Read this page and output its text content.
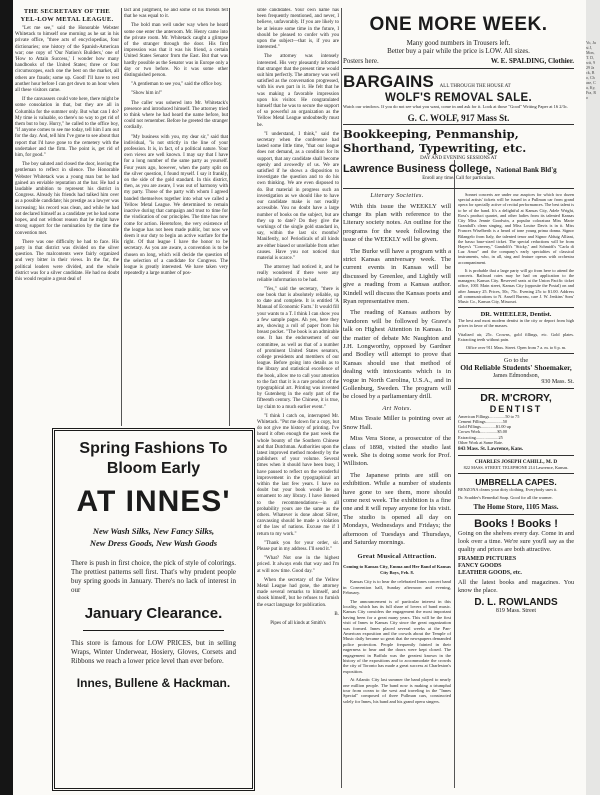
Vo, Just J, Mon, T. D, wit, 929 Jack, Bo, Chase, Ca, Ky, Fra, Ro
THE SECRETARY OF THE YEL-LOW METAL LEAGUE.

"Let me see," said the Honorable Webster Whitetack to himself one morning as he sat in his private office, "three acts of encyclopedias, four dictionaries; one history of the Spanish-American war; one copy of 'Our Nation's Builders,' one of 'How to Attain Success,' I wonder how many handbooks of the United States; three or four circumscopes, each one the best on the market, all others are frauds; some up. Good! I'll have to rest another hour before I can get down to an hour when all these visitors came.

If the canvassers could vote here, there might be some consolation in that, but they are all in Columbia for the summer only. But what can I do? My time is valuable, so there's no way to get rid of them but to buy. Hurry," he called to the office boy, "if anyone comes to see me today, tell him I am out for the day. And, tell him I've gone to see about that report that I'd have gone to the cemetery with the undertaker and the firm. The point is, get rid of him, for good."

The boy saluted and closed the door, leaving the gentleman to reflect in silence. The Honorable Webster Whitetack was a young man but he had gained an enviable reputation at the bar. He had a laudable ambition to represent his district in Congress. Already his friends had talked him over as a possible candidate; his prestige as a lawyer was increasing; his record was clean, and while he had not declared himself as a candidate yet he had some hopes, and not without reason that he might have strong support for the nomination by the time the convention met.

There was one difficulty he had to face. His party in that district was divided on the silver question. The malcontents were fairly organized and very bitter in their views. In the far, the political leaders were divided, and the whole district was for a silver candidate. He had no doubt this would require a great deal of

tact and judgment, he and some of his friends felt that he was equal to it.

The bold man well under way when he heard some one enter the anteroom. Mr. Henry came into the private room. Mr. Whitetack caught a glimpse of the stranger through the door. His first impression was that it was his friend, a certain United States Senator from the East. But that was hardly possible as the Senator was in Europe only a day or two before. No it was some other distinguished person.

"A gentleman to see you," said the office boy.

"Show him in!"

The caller was ushered into Mr. Whitetack's presence and introduced himself. The attorney tried to think where he had heard the name before, but could not remember. Before he greeted the stranger cordially.

"My business with you, my dear sir," said that individual, "is not strictly in the line of your profession. It is, in fact, of a political nature. Your own views are well known. I may say that I have for a long number of the same party as yourself. Four years ago, however, when the party split on the silver question, I found myself. I say it frankly, on the side of the gold standard. In this district, then, as you are aware, I was out of harmony with my party. Those of the party with whom I agreed banded themselves together into what we called a Yellow Metal League. We determined to remain inactive during that campaign and trust to time for the vindication of our principles. The time has now come for action. Heretofore, the very existence of the league has not been made public, but now we deem it our duty to begin an active warfare for the right. Of that league I have the honor to be secretary. As you are aware, a convention is to be chosen on long, which will decide the question of the selection of a candidate for Congress. The league is greatly interested. We have taken very repeatedly a large number of pos-

sible candidates. Your own name has been frequently mentioned, and never, I believe, unfavorably. If you are likely to be at leisure some time in the future, I should be pleased to confer with you upon the subject—that is, if you are interested."

The attorney was intensely interested. His very pleasantly informed that stranger that the present time would suit him perfectly. The attorney was well satisfied as the conversation progressed, with his own part in it. He felt that he was making a favorable impression upon his visitor. He congratulated himself that he was to secure the support of so powerful an organization as the Yellow Metal League undoubtedly must be.

"I understand, I think," said the secretary when the conference had lasted some little time, "that our league does not demand, as a condition for its support, that any candidate shall become openly and avowedly of us. We are satisfied if he shows a disposition to investigate the question and to do his own thinking. We are even disposed to do. But material in progress such an investigation as we should like to have our candidate make is not readily accessible. You no doubt have a large number of books on the subject, but are they up to date? Do they give the workings of the single gold standard in, say, within the last six months? Manifestly, no! Periodicals of all kinds are either biased or unreliable from other causes. Have you not noticed that material is scarce."

The attorney had noticed it, and he really wondered if there were any reliable information to be had.

"Yes," said the secretary, "there is one book that is absolutely reliable, up to date and complete. It is entitled 'A Manual of Economic Facts.' It would fill your wants to a T. I think I can show you a few sample pages. Ah yes, here they are, showing a roll of paper from his breast pocket. "The book is an admirable one. It has the endorsement of our committee, as well as that of a number of prominent United States senators, college presidents and members of our league. Before going into details as to the library and statistical excellence of the book, allow me to call your attention to the fact that it is a rare product of the typographical art. Printing was invented by Gutenberg in the early part of the fifteenth century. The Chinese, it is true, lay claim to a much earlier event."

"I think I catch on, interrupted Mr. Whitetack. "Put me down for a copy, but do not give me history of printing. I've heard it often enough the past week the whole bounty of the Southern Chinese and that Dutchman. Authorities upon the latest improved method modestly by the publishers of your volume. Several times when it should have been busy, I have paused to reflect on the wonderful improvement in the typographical art within the last few years. I have no doubt but your book would be an ornament to any library. I have listened to the recommendations—in all probability yours are the same as the others. Whatever is done about Silver, canvassing should be made a violation of the law of nations. Excuse me if I return to my work."

"Thank you for your order, sir. Please put in my address. I'll send it."

"What? Not one in the highest priced. It always ends that way and I'm at will now time. Good day."

When the secretary of the Yellow Metal League had gone, the attorney made several remarks to himself, and shook himself, but he refuses to furnish the exact language for publication.

B.
Pipes of all kinds at Smith's
Spring Fashions To Bloom Early
AT INNES'
New Wash Silks, New Fancy Silks,
New Dress Goods, New Wash Goods
There is push in first choice, the pick of style of colorings. The prettiest patterns sell first. That's why prudent people buy spring goods in January. There's no lack of interest in our
January Clearance.
This store is famous for LOW PRICES, but in selling Wraps, Winter Underwear, Hosiery, Gloves, Corsets and Ribbons we reach a lower price level than ever before.
Innes, Bullene & Hackman.
ONE MORE WEEK.
Many good numbers in Trousers left.
Better buy a pair while the price is LOW. All sizes.
Posters here.	W. E. SPALDING, Clothier.
BARGAINS ALL THROUGH THE HOUSE AT
WOLF'S REMOVAL SALE.
Watch our windows. If you do not see what you want, come in and ask for it. Look at those "Good" Writing Paper at 16 2/3c.
G. C. WOLF, 917 Mass St.
Bookkeeping, Penmanship, Shorthand, Typewriting, etc.
DAY AND EVENING SESSIONS AT
Lawrence Business College, National Bank Bld'g
Enroll any time. Call for particulars.
Literary Societies.

With this issue the WEEKLY will change its plan with reference to the Literary society notes. An outline for the programs for the week following the issue of the WEEKLY will be given.

The Burke will have a program with a strict Kansas anniversary week. The current events in Kansas will be discussed by Greenlee, and Lightly will give a reading from a Kansas author. Kindell will discuss the Kansas poets and Ryan representative men.

The reading of Kansas authors by Vandoren will be followed by Grave's talk on Highest Attention in Kansas. In the matter of debate Mc Naughton and J.H. Longworthy, opposed by Gardner and Bodley will attempt to prove that Kansas should use that method of dealing with intoxicants which is in vogue in North Carolina, U.S.A., and in Gollenburg, Sweden. The program will be closed by a parliamentary drill.

Art Notes.

Miss Tessie Miller is pointing over at Snow Hall.

Miss Vera Stone, a prosecutor of the class of 1898, visited the studio last week. She is doing some work for Prof. Williston.

The Japanese prints are still on exhibition. While a number of students have gone to see them, more should come next week. The exhibition is a fine one and it will repay anyone for his visit. The studio is opened all day on Mondays, Wednesdays and Fridays; the afternoon of Tuesdays and Thursdays, and Saturday mornings.

Great Musical Attraction.
Coming to Kansas City, Emma and Her Band of Kansas City Boys, Feb. 8.

Kansas City is to hear the celebrated Innes concert band in Convention hall, Sunday afternoon and evening, February.

The announcement is of particular interest in this locality, which has its full share of lovers of band music. Kansas City considers the engagement the most important having been for a great many years. This will be the first visit of Innes to Kansas City since the great organization was formed. Innes placed several weeks at the Pan-American exposition and the crowds about the Temple of Music daily became so great that the newspapers demanded police protection. People frequently fainted in their eagerness to hear and the doors were kept closed. The engagement in Buffalo was the greatest known in the history of the expositions and to accommodate the crowds the city of Toronto has made a great success at Charleston's exposition.

At Atlantic City last summer the band played to nearly one million people. The band now is making a triumphal tour from ocean to the west and traveling in the "Innes Special" composed of three Pullman cars, constructed solely for Innes, his band and his grand opera singers.

Sonnet concerts are under our auspices for which two dozen special artists' tickets will be issued in a Pullman car from grand opera for specially active of recital performances. The best talent is to be of the band. It's a delightful at Kansas City, Adele Wright, Ross's product quartet, and other ladies from its talented Kansas City Miss Jennie Goodwin, a popular coloratura Miss Marie Grandall's clean singing, and Miss Louise Davis is in it. Miss Frances Wiselberth is a heard of tone young prima donna. Signor Bilangelo from Italy, the talented tenor and Signor Alduig Alliani, the basso base-sized ticket. The special reductions will be from Hayes's "Conveny," Gandolfi's "Sticky," and Schmidt's "Carla di Luz Amor" and the company's early specialties of classical instruments, who, in all, sing and feature operas with orchestra accompaniment.

It is probable that a large party will go from here to attend the concerts. Railroad rates may be had on application to the managers; Kansas City. Reserved seats at the Union Pacific ticket office, 1001 Main street, Kansas City (opposite the Postal) on and after January 25. Prices, 50c, 75c. Evening 25c to $1.00. Address all communications to N. Ansell Bureau, care J. W. Jenkins' Sons' Music Co., Kansas City, Missouri.

DR. WHEELER, Dentist.

The best and most modern dentist in the city or deport from high prices in favor of the masses.

Vitalized air, 25c. Crowns, gold fillings, etc. Gold plates. Extracting teeth without pain.

Office over 911 Mass. Street. Open from 7 a. m. to 6 p. m.

Go to the
Old Reliable Students' Shoemaker,
James Edmondson,
930 Mass. St.
DR. M'CRORY,
DENTIST
American Fillings...............50 to 75
Cement Fillings................50
Gold Fillings..............$1.00 up
Crown Work................$5.00
Extracting.....................25
Other Work at Same Rate.
843 Mass. St. Lawrence, Kans.
CHARLES JOSEPH CAHILL, M. D
822 MASS. STREET. TELEPHONE 214 Lawrence, Kansas.
UMBRELLA CAPES.

BENZONA cleans your dirty clothing. Everybody uses it.

Dr. Scudder's Remedial Soap. Good for all the warmer.

The Home Store, 1105 Mass.
Books ! Books !

Going on the shelves every day. Come in and look over a time. We're sure you'll say as the quality and prices are both attractive.

FRAMED PICTURES
FANCY GOODS
LEATHER GOODS, etc.

All the latest books and magazines. You know the place.

D. L. ROWLANDS
819 Mass. Street
